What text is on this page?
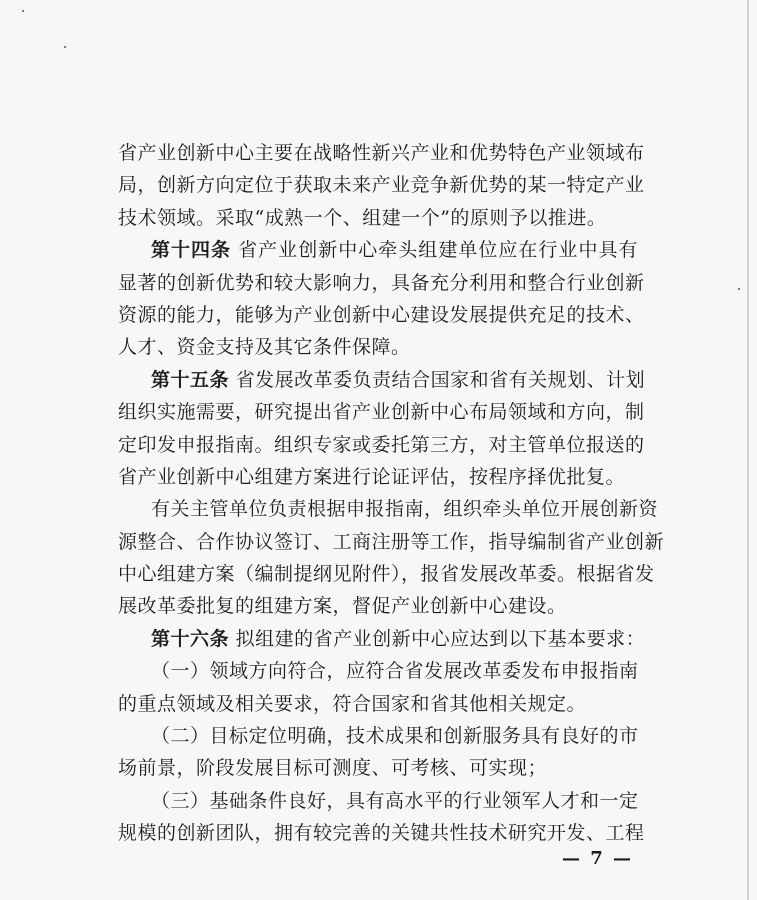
省产业创新中心主要在战略性新兴产业和优势特色产业领域布
局，创新方向定位于获取未来产业竞争新优势的某一特定产业
技术领域。采取“成熟一个、组建一个”的原则予以推进。
第十四条 省产业创新中心牵头组建单位应在行业中具有
显著的创新优势和较大影响力，具备充分利用和整合行业创新
资源的能力，能够为产业创新中心建设发展提供充足的技术、
人才、资金支持及其它条件保障。
第十五条 省发展改革委负责结合国家和省有关规划、计划
组织实施需要，研究提出省产业创新中心布局领域和方向，制
定印发申报指南。组织专家或委托第三方，对主管单位报送的
省产业创新中心组建方案进行论证评估，按程序择优批复。
有关主管单位负责根据申报指南，组织牵头单位开展创新资
源整合、合作协议签订、工商注册等工作，指导编制省产业创新
中心组建方案（编制提纲见附件），报省发展改革委。根据省发
展改革委批复的组建方案，督促产业创新中心建设。
第十六条 拟组建的省产业创新中心应达到以下基本要求：
（一）领域方向符合，应符合省发展改革委发布申报指南
的重点领域及相关要求，符合国家和省其他相关规定。
（二）目标定位明确，技术成果和创新服务具有良好的市
场前景，阶段发展目标可测度、可考核、可实现；
（三）基础条件良好，具有高水平的行业领军人才和一定
规模的创新团队，拥有较完善的关键共性技术研究开发、工程
— 7 —
